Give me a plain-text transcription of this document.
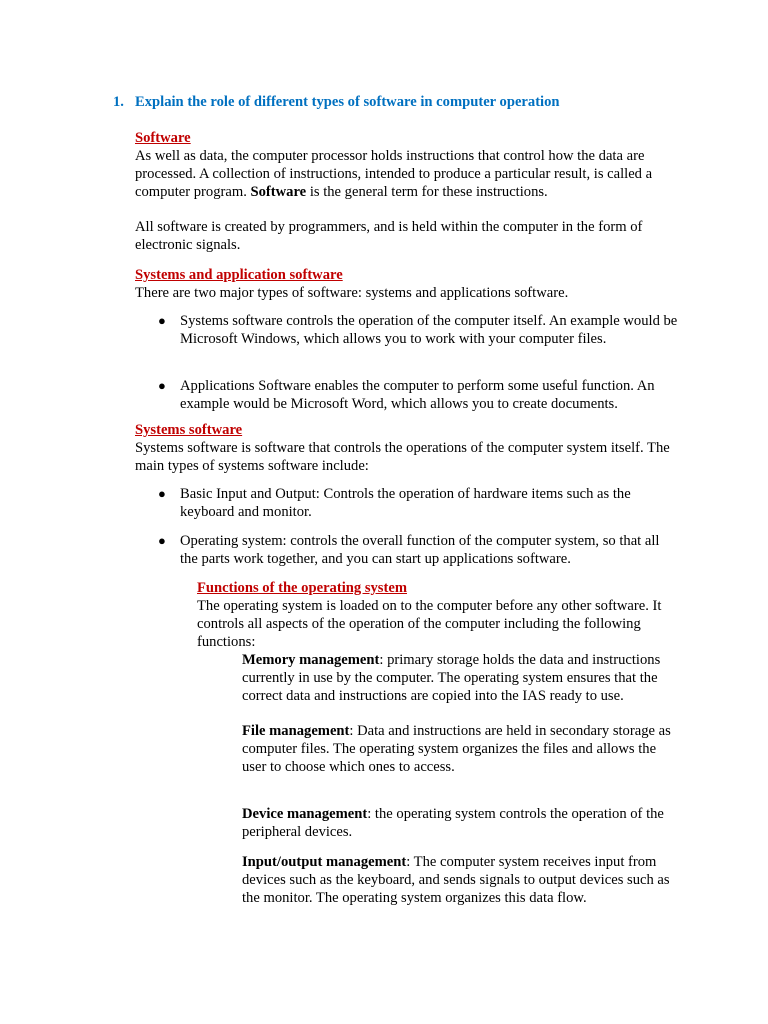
1. Explain the role of different types of software in computer operation
Software

As well as data, the computer processor holds instructions that control how the data are processed. A collection of instructions, intended to produce a particular result, is called a computer program. Software is the general term for these instructions.

All software is created by programmers, and is held within the computer in the form of electronic signals.

Systems and application software

There are two major types of software: systems and applications software.

● Systems software controls the operation of the computer itself. An example would be Microsoft Windows, which allows you to work with your computer files.
● Applications Software enables the computer to perform some useful function. An example would be Microsoft Word, which allows you to create documents.
Systems software

Systems software is software that controls the operations of the computer system itself. The main types of systems software include:

● Basic Input and Output: Controls the operation of hardware items such as the keyboard and monitor.
● Operating system: controls the overall function of the computer system, so that all the parts work together, and you can start up applications software.
Functions of the operating system

The operating system is loaded on to the computer before any other software. It controls all aspects of the operation of the computer including the following functions:

Memory management: primary storage holds the data and instructions currently in use by the computer. The operating system ensures that the correct data and instructions are copied into the IAS ready to use.
File management: Data and instructions are held in secondary storage as computer files. The operating system organizes the files and allows the user to choose which ones to access.
Device management: the operating system controls the operation of the peripheral devices.
Input/output management: The computer system receives input from devices such as the keyboard, and sends signals to output devices such as the monitor. The operating system organizes this data flow.
